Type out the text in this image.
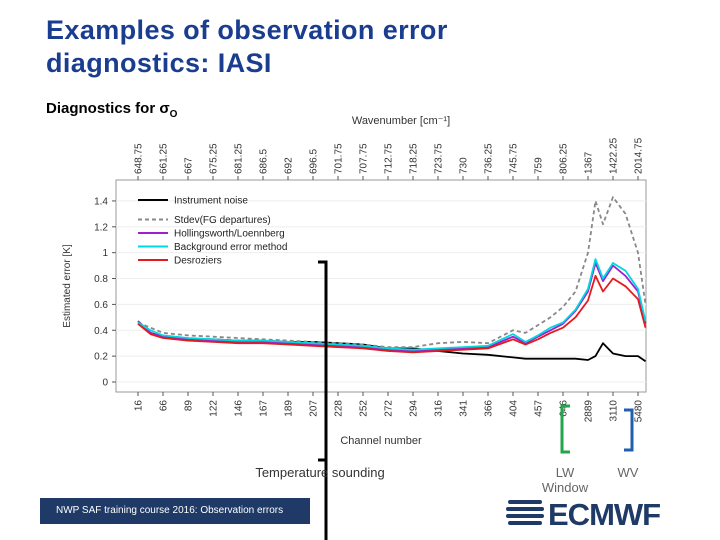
Examples of observation error
diagnostics: IASI
Diagnostics for $\sigma_O$
0
0.2
0.4
0.6
0.8
1
1.2
1.4
Estimated error [K]
16 66 89 122 146 167 189 207 228 252 272 294 316 341 366 404 457 646 2889 3110 5480
Channel number
648.75 661.25 667 675.25 681.25 686.5 692 696.5 701.75 707.75 712.75 718.25 723.75 730 736.25 745.75 759 806.25 1367 1422.25 2014.75
Wavenumber [cm⁻¹]
Instrument noise
Stdev(FG departures)
Hollingsworth/Loennberg
Background error method
Desroziers
Temperature sounding	LW
Window
WV
NWP SAF training course 2016: Observation errors	ECMWF
